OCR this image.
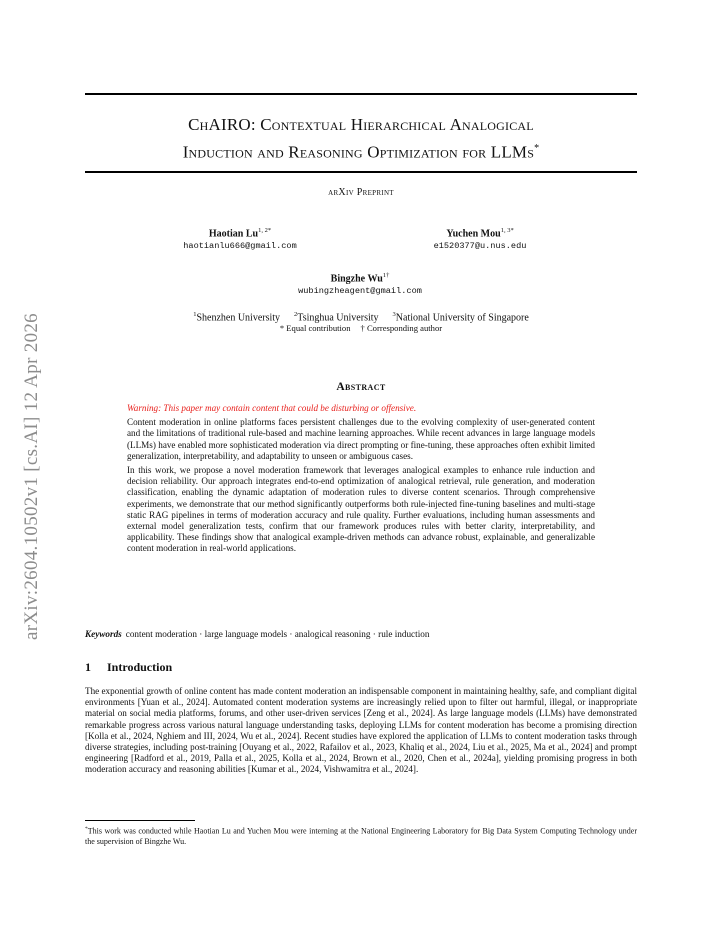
arXiv:2604.10502v1 [cs.AI] 12 Apr 2026
ChAIRO: Contextual Hierarchical Analogical
Induction and Reasoning Optimization for LLMs*
arXiv Preprint
Haotian $Lu^{1, 2*}$
haotianlu666@gmail.com
Yuchen Mou$^{1, 3*}$
e1520377@u.nus.edu
Bingzhe $Wu^{1\dagger}$
wubingzheagent@gmail.com
$^1$Shenzhen University $^2$Tsinghua University $^3$National University of Singapore
* Equal contribution † Corresponding author
Abstract

Warning: This paper may contain content that could be disturbing or offensive.

Content moderation in online platforms faces persistent challenges due to the evolving complexity of user-generated content and the limitations of traditional rule-based and machine learning approaches. While recent advances in large language models (LLMs) have enabled more sophisticated moderation via direct prompting or fine-tuning, these approaches often exhibit limited generalization, interpretability, and adaptability to unseen or ambiguous cases.

In this work, we propose a novel moderation framework that leverages analogical examples to enhance rule induction and decision reliability. Our approach integrates end-to-end optimization of analogical retrieval, rule generation, and moderation classification, enabling the dynamic adaptation of moderation rules to diverse content scenarios. Through comprehensive experiments, we demonstrate that our method significantly outperforms both rule-injected fine-tuning baselines and multi-stage static RAG pipelines in terms of moderation accuracy and rule quality. Further evaluations, including human assessments and external model generalization tests, confirm that our framework produces rules with better clarity, interpretability, and applicability. These findings show that analogical example-driven methods can advance robust, explainable, and generalizable content moderation in real-world applications.

Keywords content moderation · large language models · analogical reasoning · rule induction
1 Introduction
The exponential growth of online content has made content moderation an indispensable component in maintaining healthy, safe, and compliant digital environments [Yuan et al., 2024]. Automated content moderation systems are increasingly relied upon to filter out harmful, illegal, or inappropriate material on social media platforms, forums, and other user-driven services [Zeng et al., 2024]. As large language models (LLMs) have demonstrated remarkable progress across various natural language understanding tasks, deploying LLMs for content moderation has become a promising direction [Kolla et al., 2024, Nghiem and III, 2024, Wu et al., 2024]. Recent studies have explored the application of LLMs to content moderation tasks through diverse strategies, including post-training [Ouyang et al., 2022, Rafailov et al., 2023, Khaliq et al., 2024, Liu et al., 2025, Ma et al., 2024] and prompt engineering [Radford et al., 2019, Palla et al., 2025, Kolla et al., 2024, Brown et al., 2020, Chen et al., 2024a], yielding promising progress in both moderation accuracy and reasoning abilities [Kumar et al., 2024, Vishwamitra et al., 2024].
*This work was conducted while Haotian Lu and Yuchen Mou were interning at the National Engineering Laboratory for Big Data System Computing Technology under the supervision of Bingzhe Wu.
